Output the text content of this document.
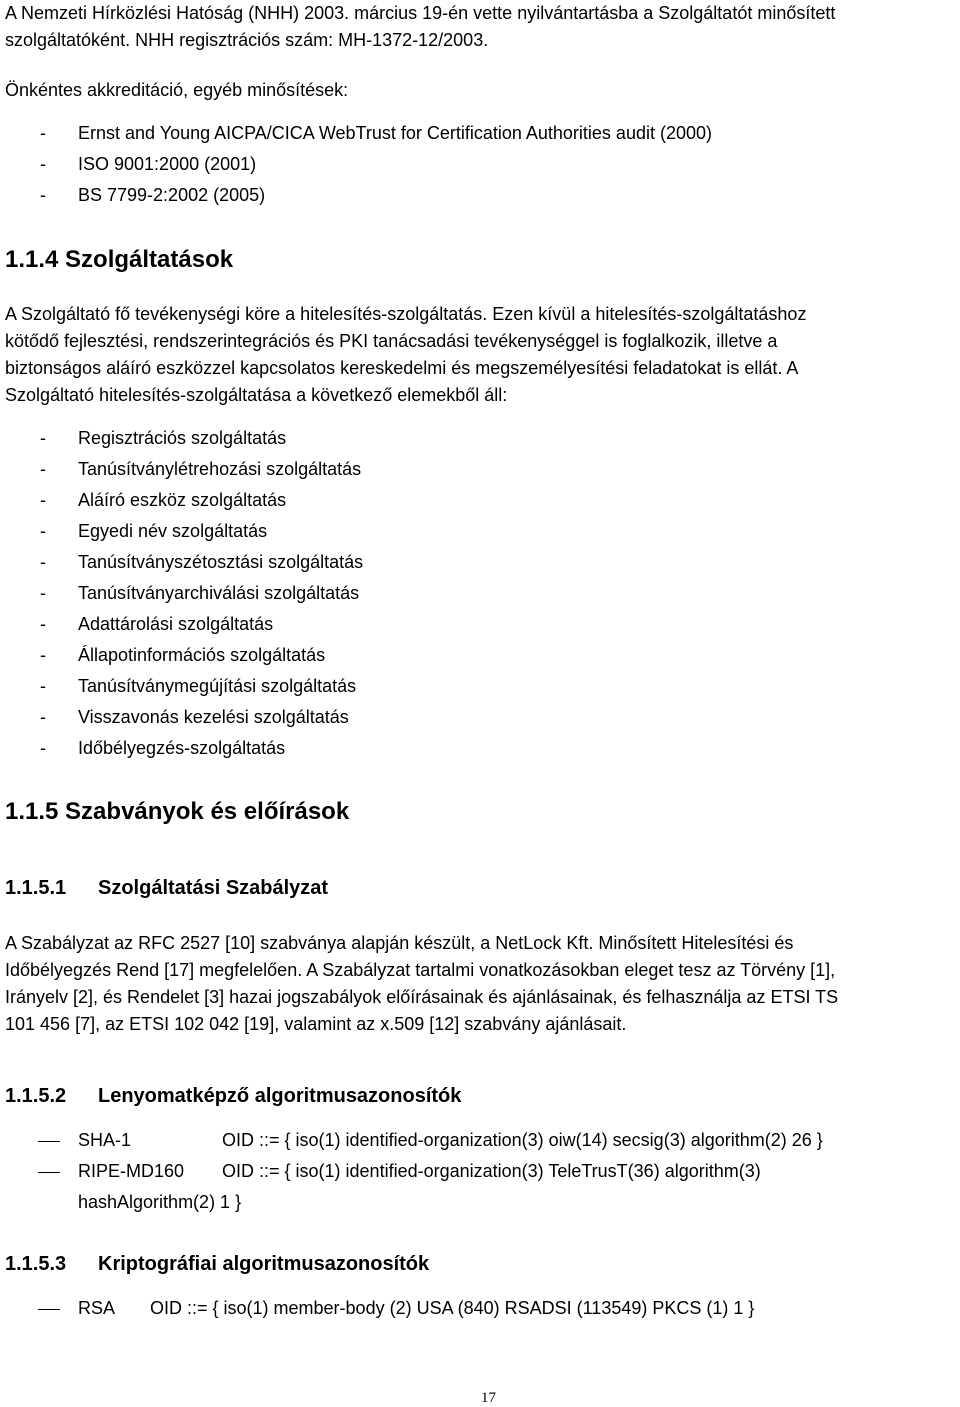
A Nemzeti Hírközlési Hatóság (NHH) 2003. március 19-én vette nyilvántartásba a Szolgáltatót minősített
szolgáltatóként. NHH regisztrációs szám: MH-1372-12/2003.
Önkéntes akkreditáció, egyéb minősítések:
- Ernst and Young AICPA/CICA WebTrust for Certification Authorities audit (2000)
- ISO 9001:2000 (2001)
- BS 7799-2:2002 (2005)
1.1.4 Szolgáltatások
A Szolgáltató fő tevékenységi köre a hitelesítés-szolgáltatás. Ezen kívül a hitelesítés-szolgáltatáshoz
kötődő fejlesztési, rendszerintegrációs és PKI tanácsadási tevékenységgel is foglalkozik, illetve a
biztonságos aláíró eszközzel kapcsolatos kereskedelmi és megszemélyesítési feladatokat is ellát. A
Szolgáltató hitelesítés-szolgáltatása a következő elemekből áll:
- Regisztrációs szolgáltatás
- Tanúsítványlétrehozási szolgáltatás
- Aláíró eszköz szolgáltatás
- Egyedi név szolgáltatás
- Tanúsítványszétosztási szolgáltatás
- Tanúsítványarchiválási szolgáltatás
- Adattárolási szolgáltatás
- Állapotinformációs szolgáltatás
- Tanúsítványmegújítási szolgáltatás
- Visszavonás kezelési szolgáltatás
- Időbélyegzés-szolgáltatás
1.1.5 Szabványok és előírások
1.1.5.1 Szolgáltatási Szabályzat
A Szabályzat az RFC 2527 [10] szabványa alapján készült, a NetLock Kft. Minősített Hitelesítési és
Időbélyegzés Rend [17] megfelelően. A Szabályzat tartalmi vonatkozásokban eleget tesz az Törvény [1],
Irányelv [2], és Rendelet [3] hazai jogszabályok előírásainak és ajánlásainak, és felhasználja az ETSI TS
101 456 [7], az ETSI 102 042 [19], valamint az x.509 [12] szabvány ajánlásait.
1.1.5.2 Lenyomatképző algoritmusazonosítók
SHA-1	OID ::= { iso(1) identified-organization(3) oiw(14) secsig(3) algorithm(2) 26 }
RIPE-MD160 OID ::= { iso(1) identified-organization(3) TeleTrusT(36) algorithm(3)
hashAlgorithm(2) 1 }
1.1.5.3 Kriptográfiai algoritmusazonosítók
RSA OID ::= { iso(1) member-body (2) USA (840) RSADSI (113549) PKCS (1) 1 }
17
